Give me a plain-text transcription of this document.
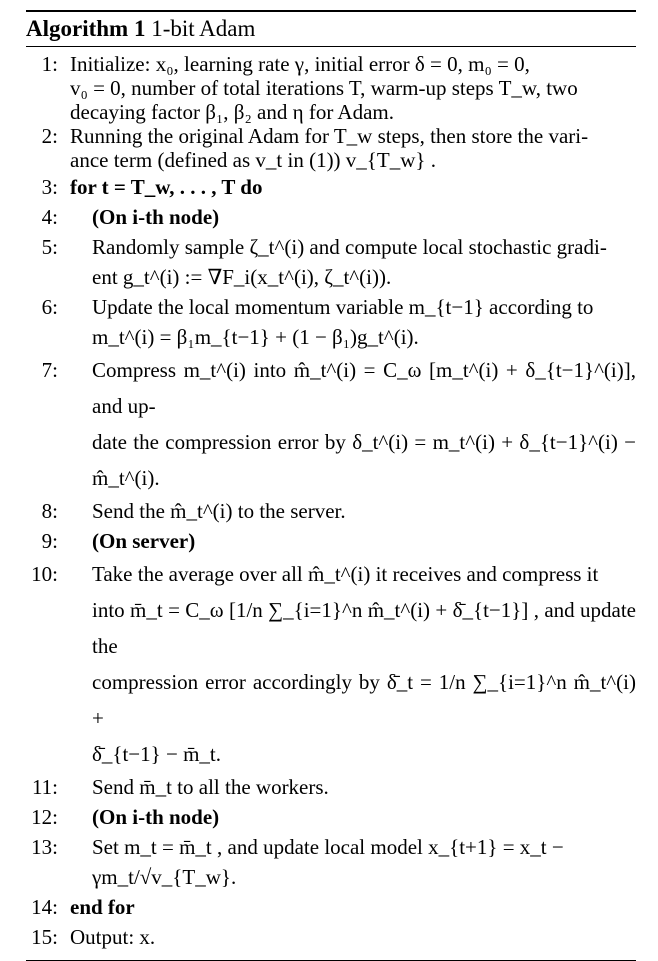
Algorithm 1 1-bit Adam
1: Initialize: x₀, learning rate γ, initial error δ = 0, m₀ = 0,
v₀ = 0, number of total iterations T, warm-up steps T_w, two
decaying factor β₁, β₂ and η for Adam.
2: Running the original Adam for T_w steps, then store the vari-
ance term (defined as v_t in (1)) v_{T_w} .
3: for t = T_w, . . . , T do
4:	(On i-th node)
5:	Randomly sample ζ_t^(i) and compute local stochastic gradi-
ent g_t^(i) := ∇F_i(x_t^(i), ζ_t^(i)).
6:	Update the local momentum variable m_{t−1} according to
m_t^(i) = β₁m_{t−1} + (1 − β₁)g_t^(i).
7:	Compress m_t^(i) into m̂_t^(i) = C_ω [m_t^(i) + δ_{t−1}^(i)], and up-
date the compression error by δ_t^(i) = m_t^(i) + δ_{t−1}^(i) − m̂_t^(i).
8:	Send the m̂_t^(i) to the server.
9:	(On server)
10:	Take the average over all m̂_t^(i) it receives and compress it
into m̄_t = C_ω [1/n ∑_{i=1}^n m̂_t^(i) + δ̄_{t−1}] , and update the
compression error accordingly by δ̄_t = 1/n ∑_{i=1}^n m̂_t^(i) +
δ̄_{t−1} − m̄_t.
11:	Send m̄_t to all the workers.
12:	(On i-th node)
13:	Set m_t = m̄_t , and update local model x_{t+1} = x_t −
γm_t/√v_{T_w}.
14: end for
15: Output: x.
